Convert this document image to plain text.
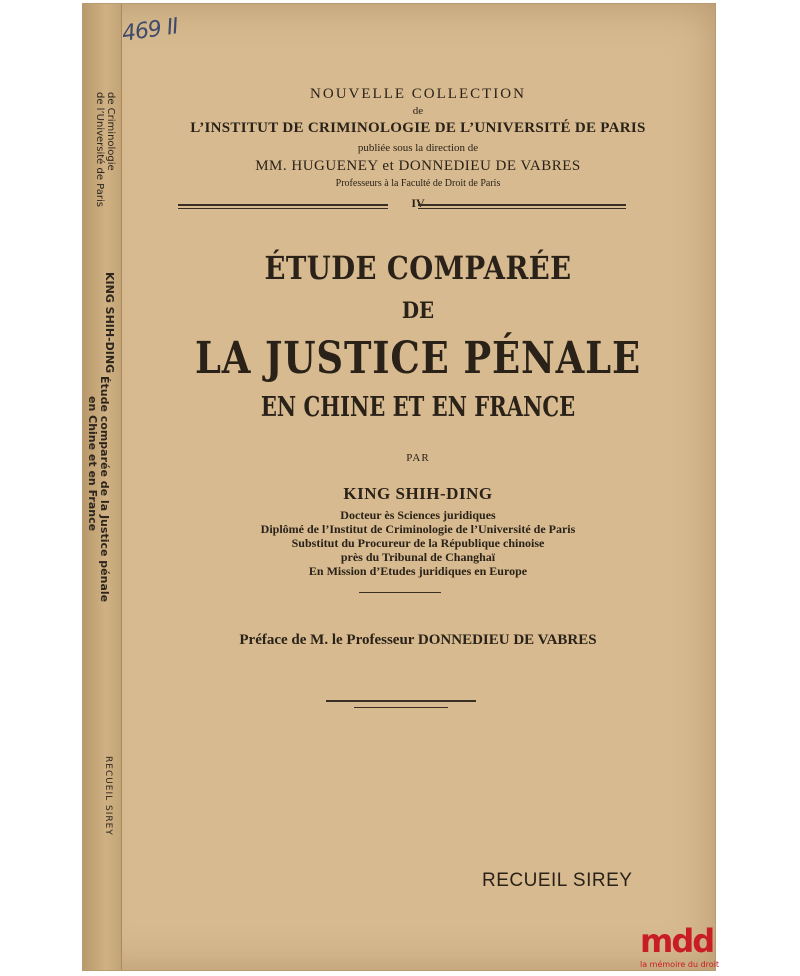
KING SHIH-DING
de l’Université de Paris de Criminologie
Étude comparée de la Justice pénale
en Chine et en France
RECUEIL SIREY
469 II
NOUVELLE COLLECTION
de
L’INSTITUT DE CRIMINOLOGIE DE L’UNIVERSITÉ DE PARIS
publiée sous la direction de
MM. HUGUENEY et DONNEDIEU DE VABRES
Professeurs à la Faculté de Droit de Paris
IV
ÉTUDE COMPARÉE
DE
LA JUSTICE PÉNALE
EN CHINE ET EN FRANCE
PAR
KING SHIH-DING
Docteur ès Sciences juridiques
Diplômé de l’Institut de Criminologie de l’Université de Paris
Substitut du Procureur de la République chinoise
près du Tribunal de Changhaï
En Mission d’Etudes juridiques en Europe
Préface de M. le Professeur DONNEDIEU DE VABRES
RECUEIL SIREY
mdd
la mémoire du droit
